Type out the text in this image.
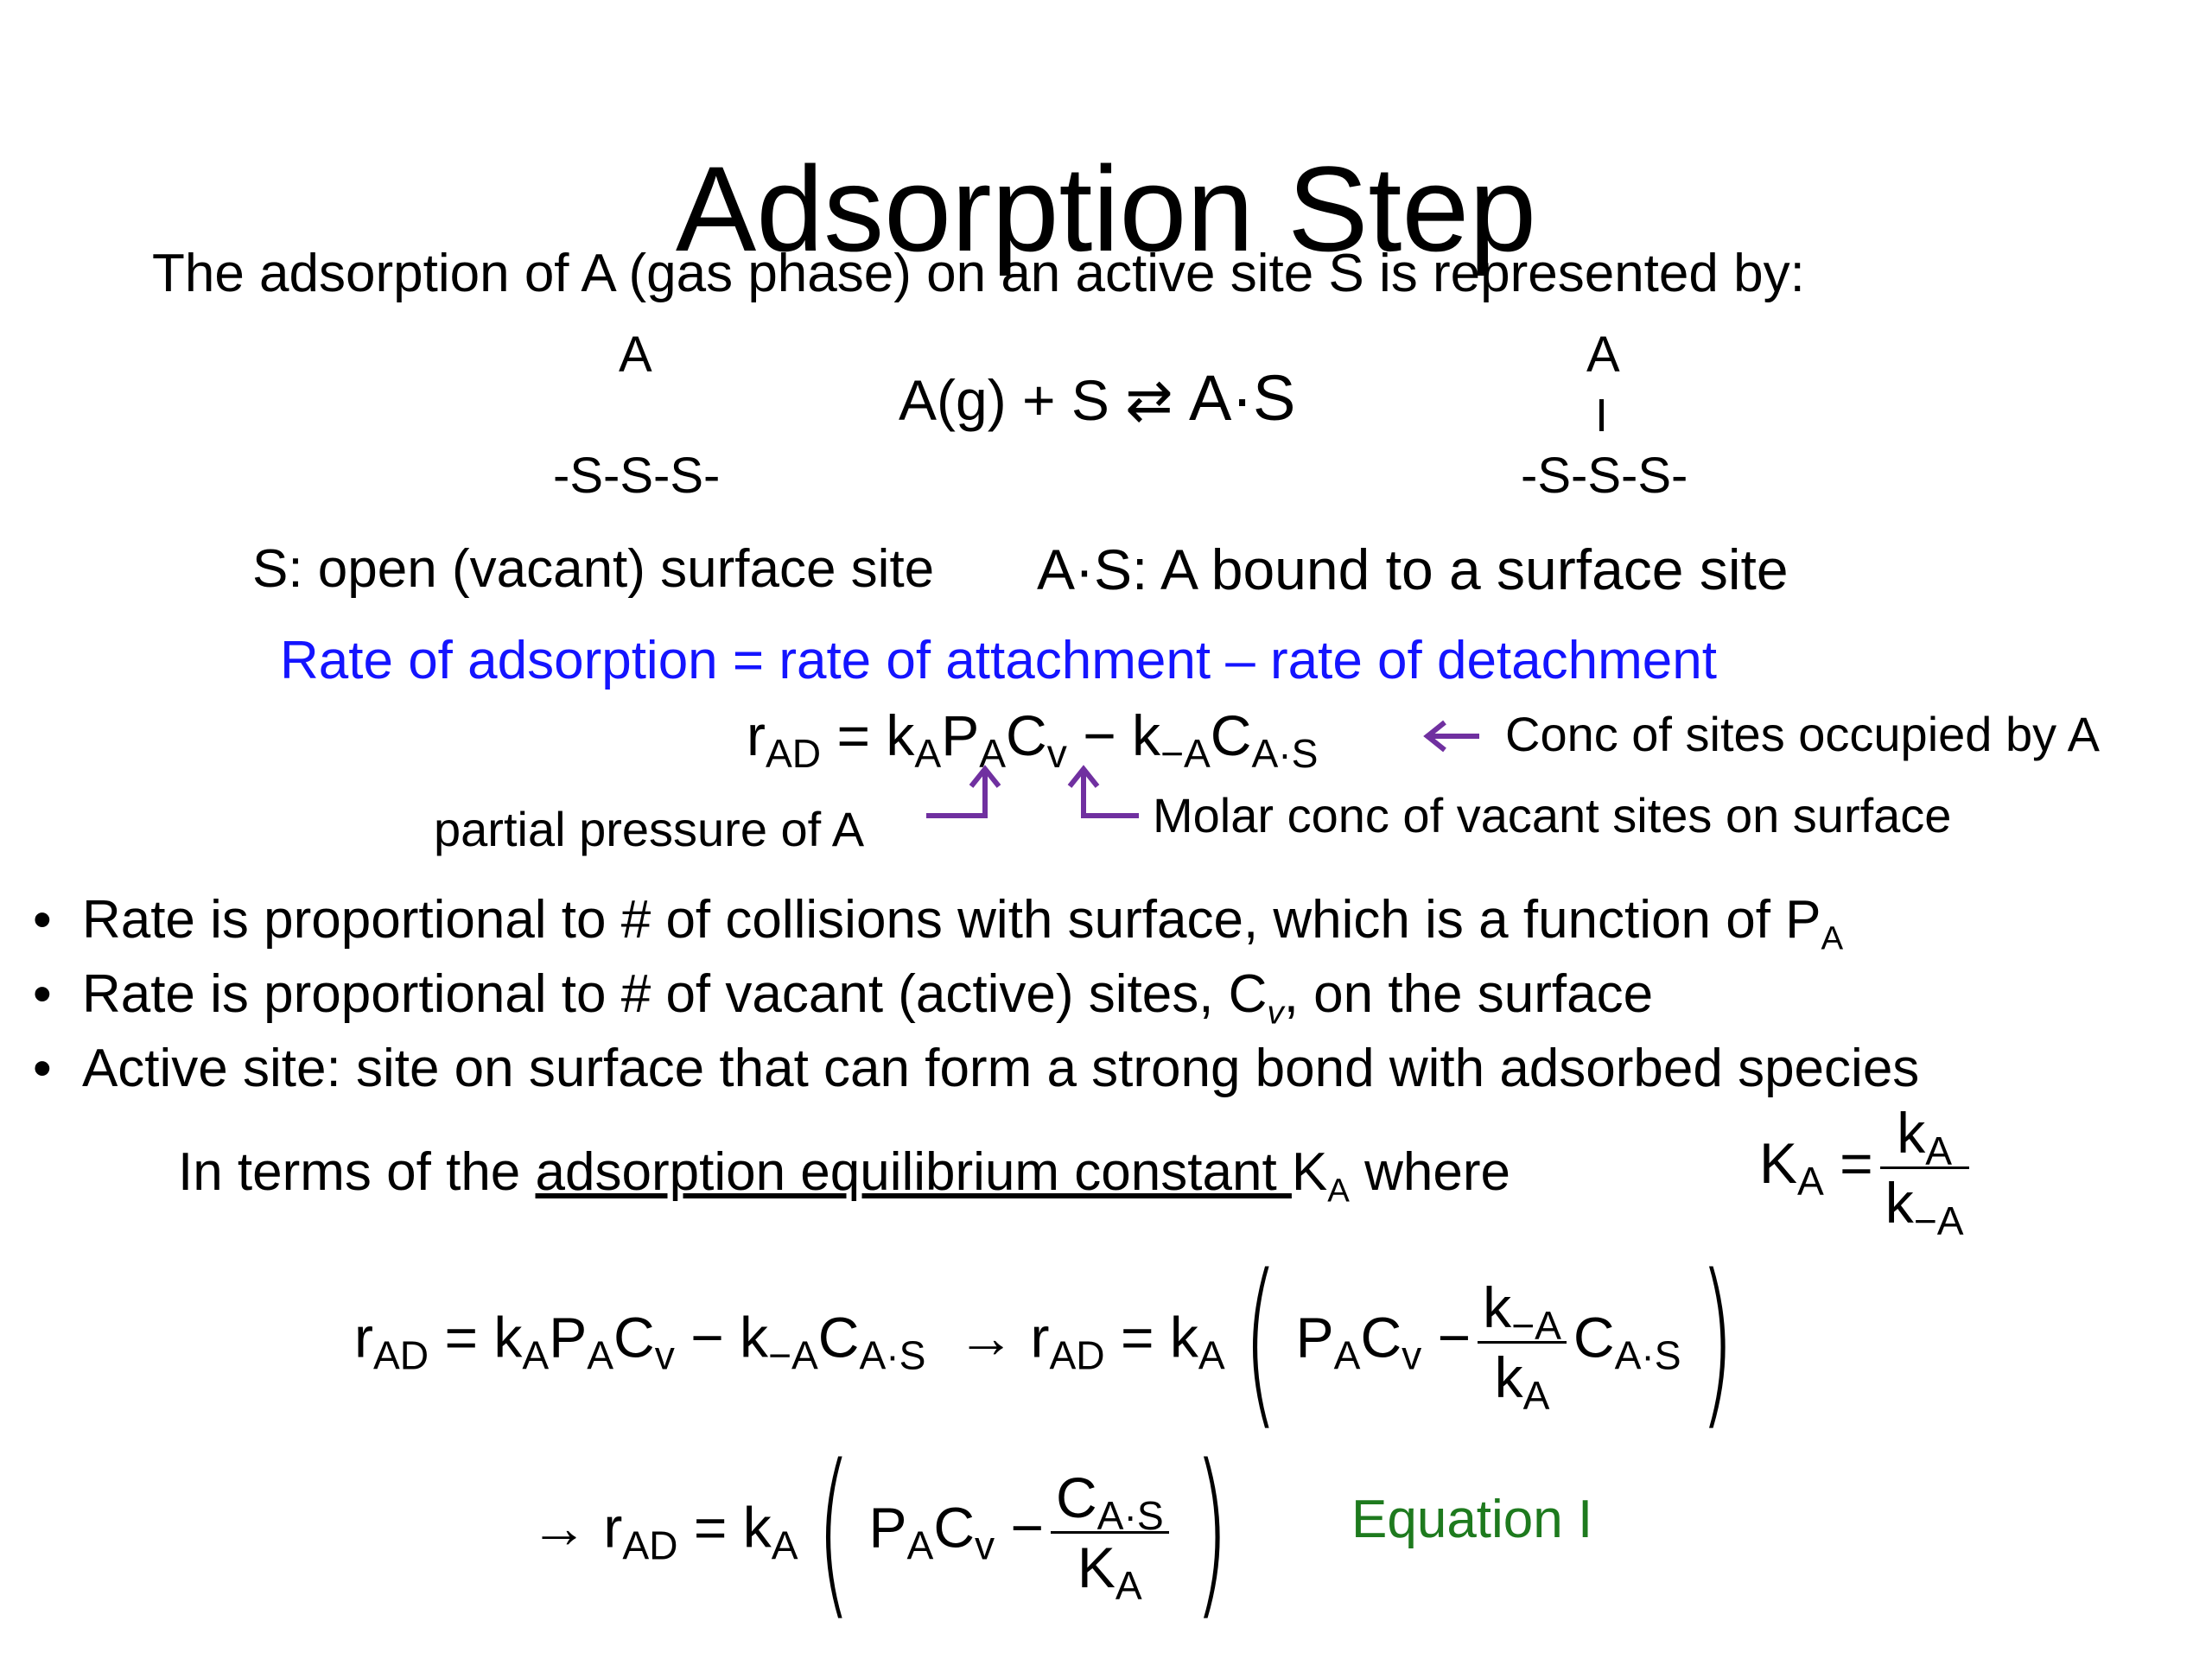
Adsorption Step
The adsorption of A (gas phase) on an active site S is represented by:
A
-S-S-S-
A(g) + S ⇄ A·S
A
I
-S-S-S-
S: open (vacant) surface site A·S: A bound to a surface site
Rate of adsorption = rate of attachment – rate of detachment
$r_{AD} = k_AP_AC_v - k_{-A}C_{A\cdot S}$	Conc of sites occupied by A
partial pressure of A	Molar conc of vacant sites on surface
• Rate is proportional to # of collisions with surface, which is a function of $P_A$
• Rate is proportional to # of vacant (active) sites, $C_v$, on the surface
• Active site: site on surface that can form a strong bond with adsorbed species
In terms of the adsorption equilibrium constant $K_A$ where	$K_A = \frac{k_A}{k_{-A}}$
$r_{AD} = k_AP_AC_v - k_{-A}C_{A\cdot S} \to r_{AD} = k_A$( $P_AC_v - \frac{k_{-A}}{k_A} C_{A\cdot S}$)
→ $r_{AD} = k_A$( $P_AC_v - \frac{C_{A\cdot S}}{K_A}$ )	Equation I
